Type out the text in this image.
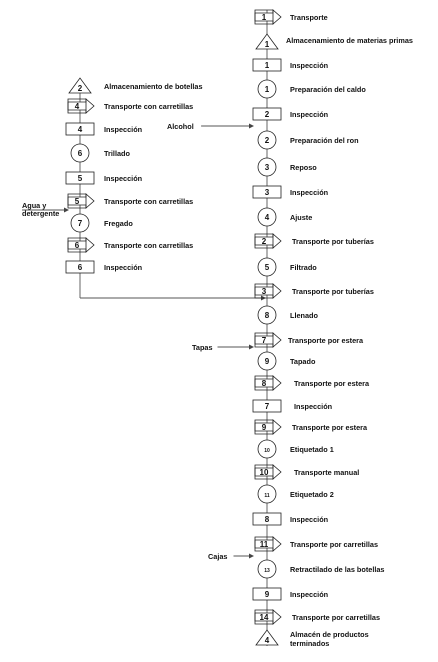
Alcohol
Agua y detergente
Tapas
Cajas
1	Transporte
1 Almacenamiento de materias primas
1	Inspección
1	Preparación del caldo
2	Inspección
2	Preparación del ron
3	Reposo
3	Inspección
4	Ajuste
2	Transporte por tuberías
5	Filtrado
3	Transporte por tuberías
8	Llenado
7	Transporte por estera
9	Tapado
8	Transporte por estera
7	Inspección
9	Transporte por estera
10	Etiquetado 1
10	Transporte manual
11	Etiquetado 2
8	Inspección
11	Transporte por carretillas
13	Retractilado de las botellas
9	Inspección
14	Transporte por carretillas
4
Almacén de productos terminados
2	Almacenamiento de botellas
4	Transporte con carretillas
4	Inspección
6	Trillado
5	Inspección
5	Transporte con carretillas
7	Fregado
6	Transporte con carretillas
6	Inspección
